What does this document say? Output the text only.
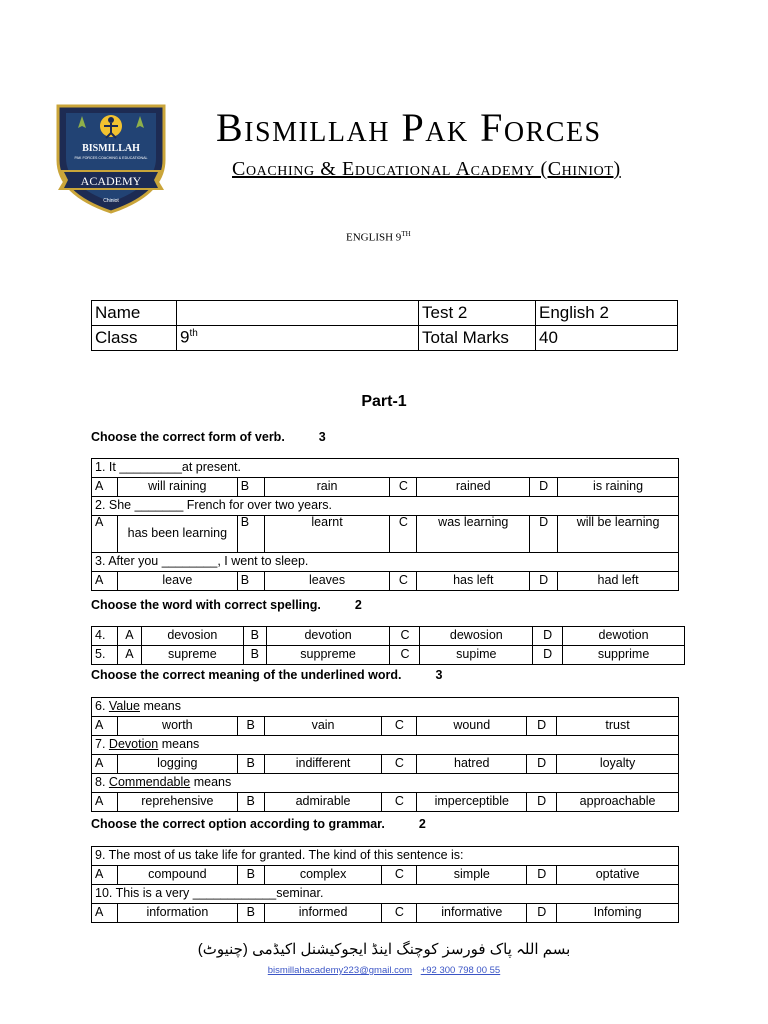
BISMILLAH
PAK FORCES COACHING & EDUCATIONAL
ACADEMY
Chiniot
Bismillah Pak Forces
Coaching & Educational Academy (Chiniot)
ENGLISH 9TH
Name		Test 2	English 2
Class	9th	Total Marks	40
Part-1
Choose the correct form of verb.	3
1. It _________at present.							
A	will raining	B	rain	C	rained	D	is raining
2. She _______ French for over two years.							
A	has been learning	B	learnt	C	was learning	D	will be learning
3. After you ________, I went to sleep.							
A	leave	B	leaves	C	has left	D	had left
Choose the word with correct spelling.	2
4.	A	devosion	B	devotion	C	dewosion	D	dewotion
5.	A	supreme	B	suppreme	C	supime	D	supprime
Choose the correct meaning of the underlined word.	3
6. Value means							
A	worth	B	vain	C	wound	D	trust
7. Devotion means							
A	logging	B	indifferent	C	hatred	D	loyalty
8. Commendable means							
A	reprehensive	B	admirable	C	imperceptible	D	approachable
Choose the correct option according to grammar.	2
9. The most of us take life for granted. The kind of this sentence is:							
A	compound	B	complex	C	simple	D	optative
10. This is a very ____________seminar.							
A	information	B	informed	C	informative	D	Infoming
بسم اللہ پاک فورسز کوچنگ اینڈ ایجوکیشنل اکیڈمی (چنیوٹ)
bismillahacademy223@gmail.com +92 300 798 00 55
